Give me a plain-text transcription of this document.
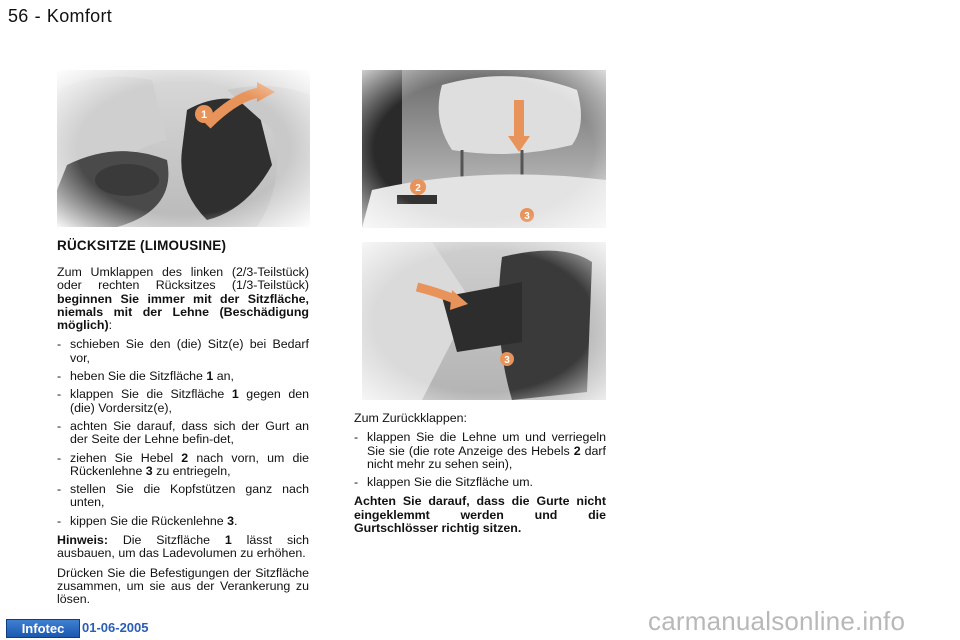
56 - Komfort
RÜCKSITZE (LIMOUSINE)

Zum Umklappen des linken (2/3-Teilstück) oder rechten Rücksitzes (1/3-Teilstück) beginnen Sie immer mit der Sitzfläche, niemals mit der Lehne (Beschädigung möglich):

- schieben Sie den (die) Sitz(e) bei Bedarf vor,
- heben Sie die Sitzfläche 1 an,
- klappen Sie die Sitzfläche 1 gegen den (die) Vordersitz(e),
- achten Sie darauf, dass sich der Gurt an der Seite der Lehne befin-det,
- ziehen Sie Hebel 2 nach vorn, um die Rückenlehne 3 zu entriegeln,
- stellen Sie die Kopfstützen ganz nach unten,
- kippen Sie die Rückenlehne 3.

Hinweis: Die Sitzfläche 1 lässt sich ausbauen, um das Ladevolumen zu erhöhen.

Drücken Sie die Befestigungen der Sitzfläche zusammen, um sie aus der Verankerung zu lösen.

Zum Zurückklappen:

- klappen Sie die Lehne um und verriegeln Sie sie (die rote Anzeige des Hebels 2 darf nicht mehr zu sehen sein),
- klappen Sie die Sitzfläche um.

Achten Sie darauf, dass die Gurte nicht eingeklemmt werden und die Gurtschlösser richtig sitzen.

Infotec	01-06-2005	carmanualsonline.info
